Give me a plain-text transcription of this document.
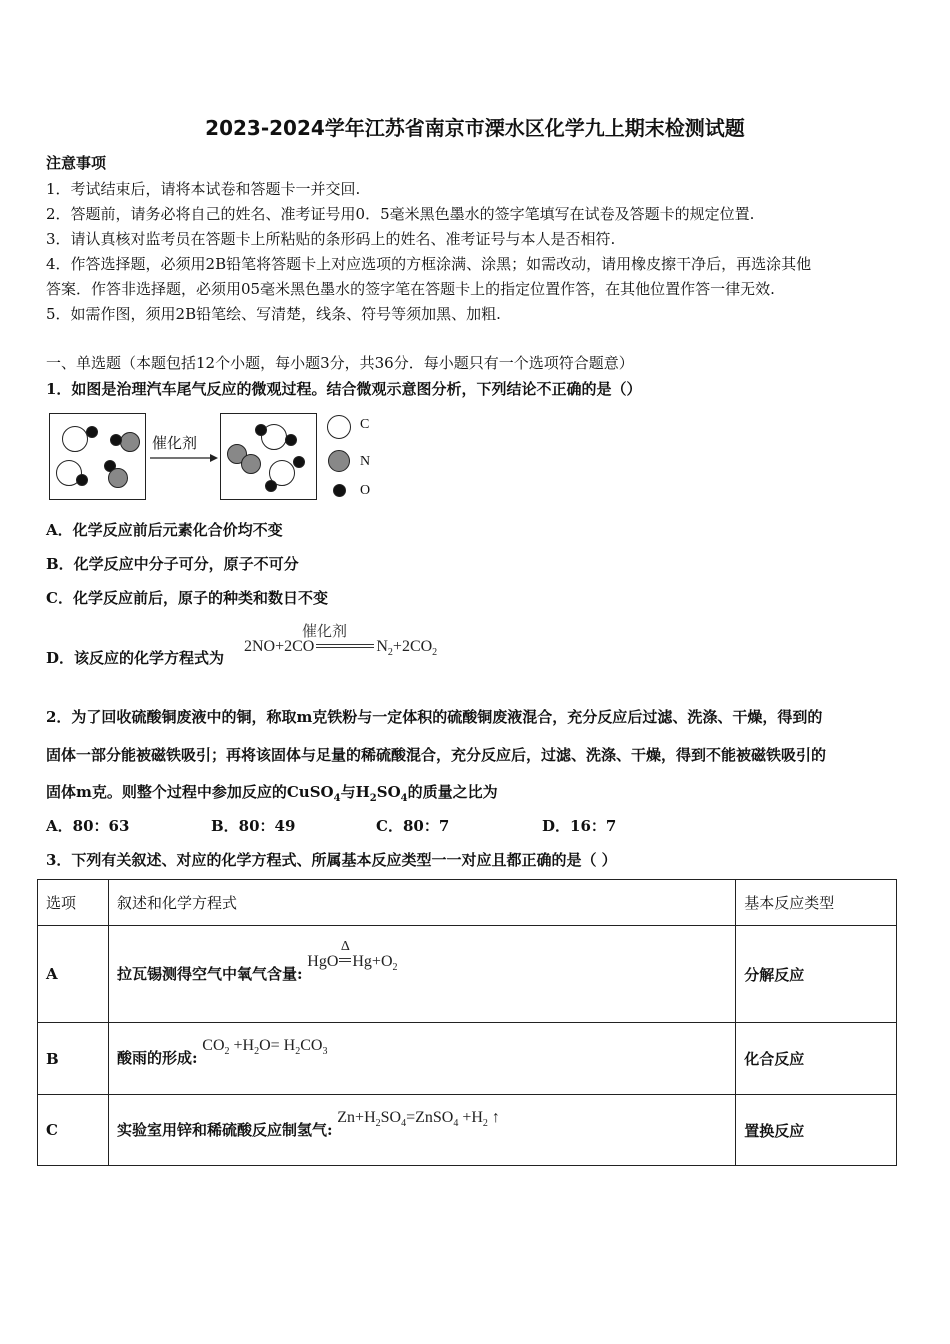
2023-2024学年江苏省南京市溧水区化学九上期末检测试题
注意事项
1．考试结束后，请将本试卷和答题卡一并交回.
2．答题前，请务必将自己的姓名、准考证号用0．5毫米黑色墨水的签字笔填写在试卷及答题卡的规定位置.
3．请认真核对监考员在答题卡上所粘贴的条形码上的姓名、准考证号与本人是否相符.
4．作答选择题，必须用2B铅笔将答题卡上对应选项的方框涂满、涂黑；如需改动，请用橡皮擦干净后，再选涂其他
答案．作答非选择题，必须用05毫米黑色墨水的签字笔在答题卡上的指定位置作答，在其他位置作答一律无效.
5．如需作图，须用2B铅笔绘、写清楚，线条、符号等须加黑、加粗.
一、单选题（本题包括12个小题，每小题3分，共36分．每小题只有一个选项符合题意）
1．如图是治理汽车尾气反应的微观过程。结合微观示意图分析，下列结论不正确的是（）
催化剂
C
N
O
A．化学反应前后元素化合价均不变
B．化学反应中分子可分，原子不可分
C．化学反应前后，原子的种类和数日不变
D．该反应的化学方程式为
催化剂
2NO+2CO	$N_2+2CO_2$
2．为了回收硫酸铜废液中的铜，称取m克铁粉与一定体积的硫酸铜废液混合，充分反应后过滤、洗涤、干燥，得到的
固体一部分能被磁铁吸引；再将该固体与足量的稀硫酸混合，充分反应后，过滤、洗涤、干燥，得到不能被磁铁吸引的
固体m克。则整个过程中参加反应的CuSO$_4$与$H_2SO_4$的质量之比为
A．80：63	B．80：49	C．80：7	D．16：7
3．下列有关叙述、对应的化学方程式、所属基本反应类型一一对应且都正确的是（ ）
选项	叙述和化学方程式	基本反应类型
A	拉瓦锡测得空气中氧气含量: HgO
Δ
$Hg+O_2$	分解反应
B	酸雨的形成: $CO_2 +H_2O= H_2CO_3$	化合反应
C	实验室用锌和稀硫酸反应制氢气: $Zn+H_2SO_4=ZnSO_4 +H_2$ ↑	置换反应
